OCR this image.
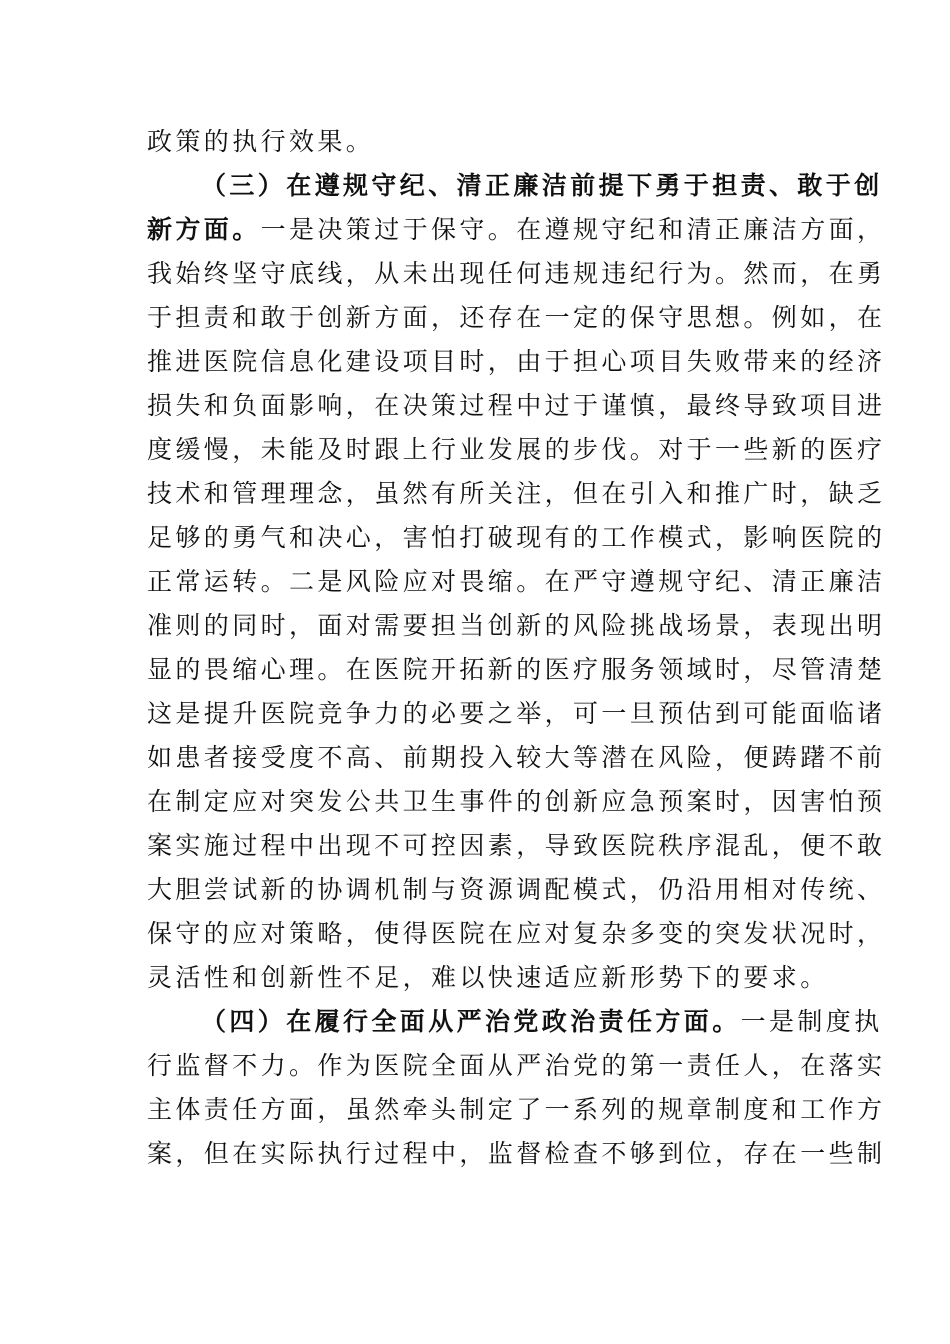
政策的执行效果。
（三）在遵规守纪、清正廉洁前提下勇于担责、敢于创
新方面。一是决策过于保守。在遵规守纪和清正廉洁方面，
我始终坚守底线，从未出现任何违规违纪行为。然而，在勇
于担责和敢于创新方面，还存在一定的保守思想。例如，在
推进医院信息化建设项目时，由于担心项目失败带来的经济
损失和负面影响，在决策过程中过于谨慎，最终导致项目进
度缓慢，未能及时跟上行业发展的步伐。对于一些新的医疗
技术和管理理念，虽然有所关注，但在引入和推广时，缺乏
足够的勇气和决心，害怕打破现有的工作模式，影响医院的
正常运转。二是风险应对畏缩。在严守遵规守纪、清正廉洁
准则的同时，面对需要担当创新的风险挑战场景，表现出明
显的畏缩心理。在医院开拓新的医疗服务领域时，尽管清楚
这是提升医院竞争力的必要之举，可一旦预估到可能面临诸
如患者接受度不高、前期投入较大等潜在风险，便踌躇不前
在制定应对突发公共卫生事件的创新应急预案时，因害怕预
案实施过程中出现不可控因素，导致医院秩序混乱，便不敢
大胆尝试新的协调机制与资源调配模式，仍沿用相对传统、
保守的应对策略，使得医院在应对复杂多变的突发状况时，
灵活性和创新性不足，难以快速适应新形势下的要求。
（四）在履行全面从严治党政治责任方面。一是制度执
行监督不力。作为医院全面从严治党的第一责任人，在落实
主体责任方面，虽然牵头制定了一系列的规章制度和工作方
案，但在实际执行过程中，监督检查不够到位，存在一些制
